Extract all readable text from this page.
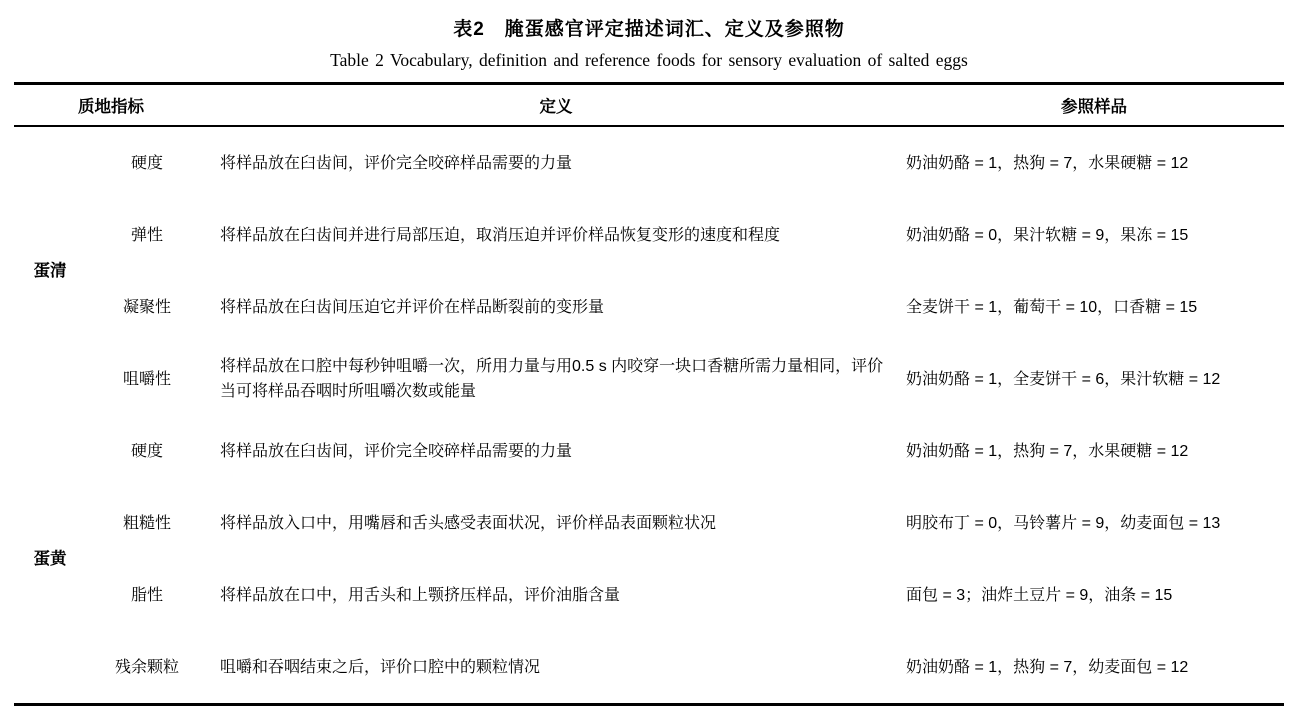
表2　腌蛋感官评定描述词汇、定义及参照物
Table 2 Vocabulary, definition and reference foods for sensory evaluation of salted eggs
质地指标		定义	参照样品
蛋清	硬度	将样品放在臼齿间，评价完全咬碎样品需要的力量	奶油奶酪 = 1，热狗 = 7，水果硬糖 = 12
	弹性	将样品放在臼齿间并进行局部压迫，取消压迫并评价样品恢复变形的速度和程度	奶油奶酪 = 0，果汁软糖 = 9，果冻 = 15
	凝聚性	将样品放在臼齿间压迫它并评价在样品断裂前的变形量	全麦饼干 = 1，葡萄干 = 10，口香糖 = 15
	咀嚼性	将样品放在口腔中每秒钟咀嚼一次，所用力量与用0.5 s 内咬穿一块口香糖所需力量相同，评价当可将样品吞咽时所咀嚼次数或能量	奶油奶酪 = 1，全麦饼干 = 6，果汁软糖 = 12
蛋黄	硬度	将样品放在臼齿间，评价完全咬碎样品需要的力量	奶油奶酪 = 1，热狗 = 7，水果硬糖 = 12
	粗糙性	将样品放入口中，用嘴唇和舌头感受表面状况，评价样品表面颗粒状况	明胶布丁 = 0，马铃薯片 = 9，幼麦面包 = 13
	脂性	将样品放在口中，用舌头和上颚挤压样品，评价油脂含量	面包 = 3；油炸土豆片 = 9，油条 = 15
	残余颗粒	咀嚼和吞咽结束之后，评价口腔中的颗粒情况	奶油奶酪 = 1，热狗 = 7，幼麦面包 = 12
